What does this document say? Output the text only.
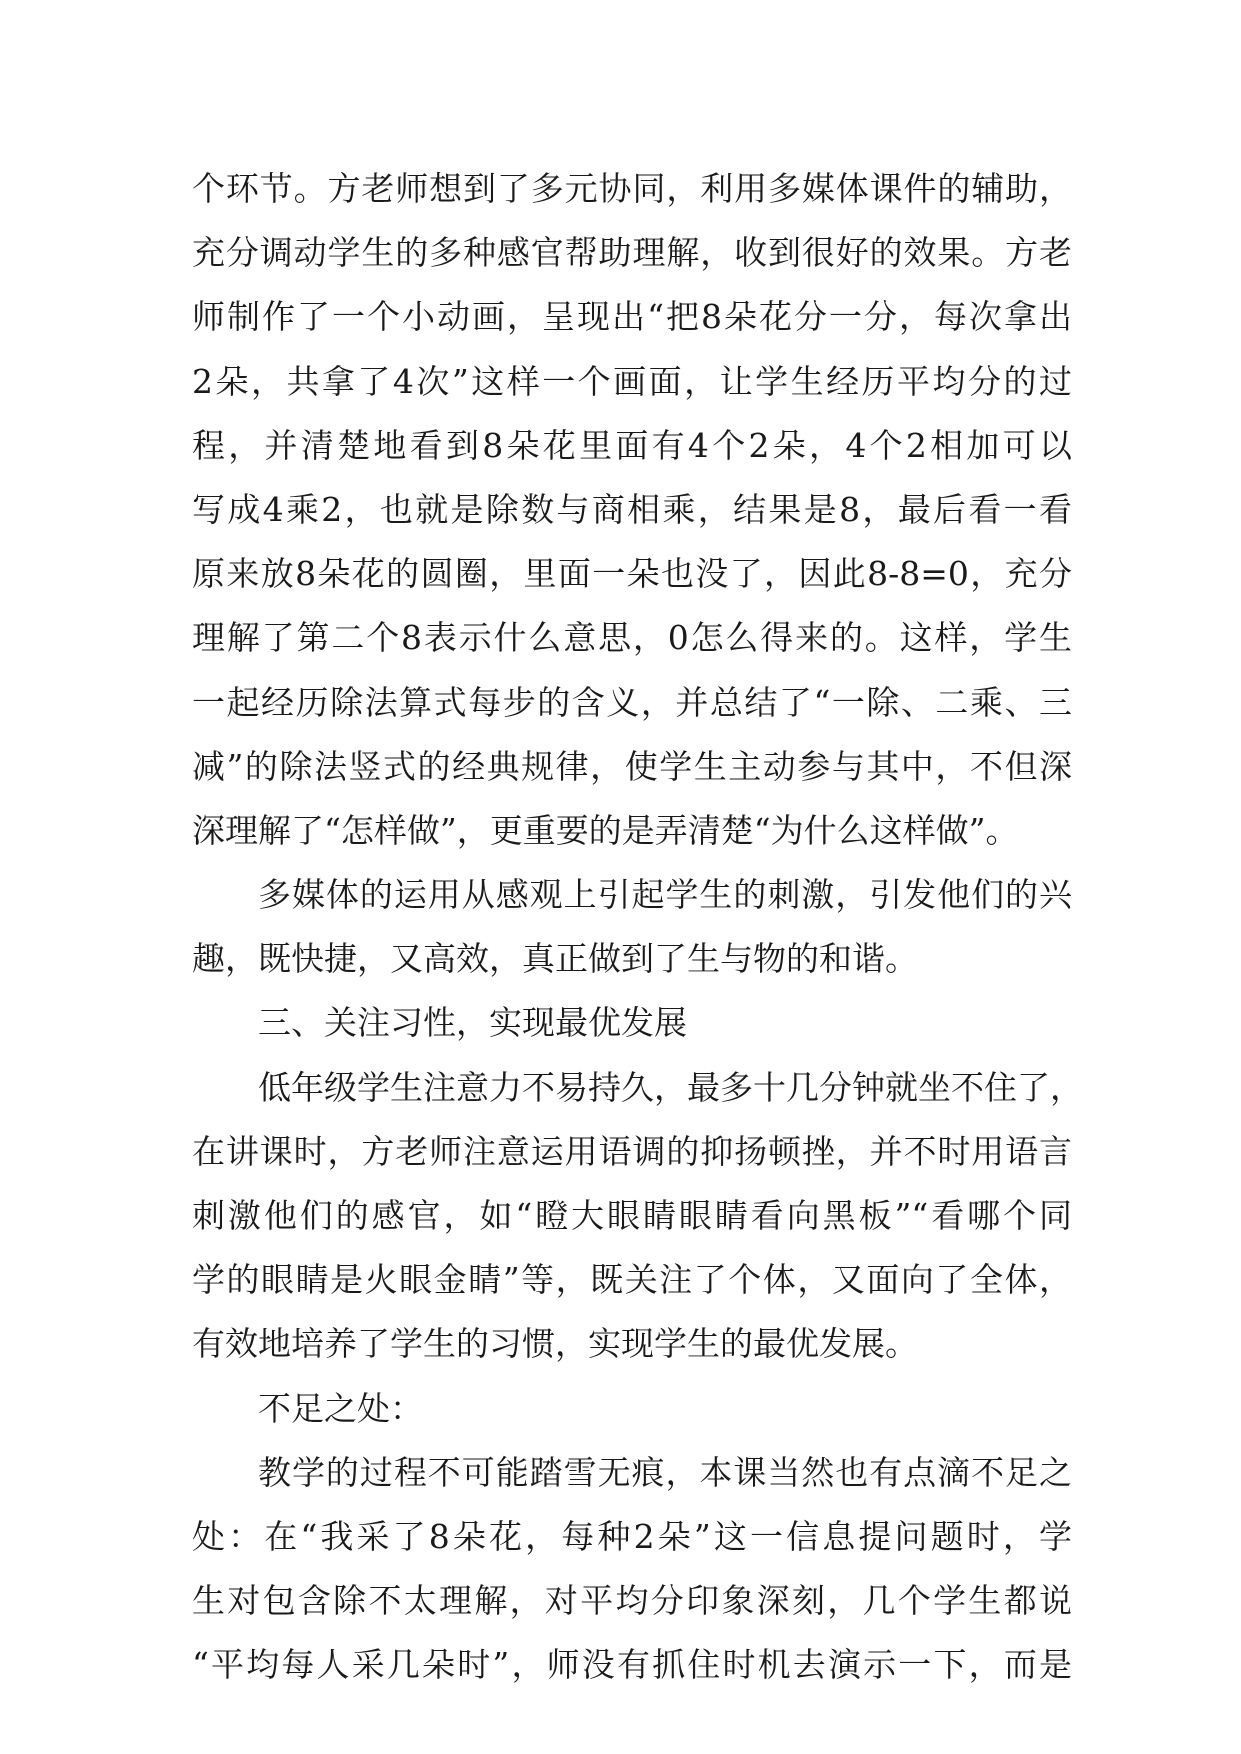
个环节。方老师想到了多元协同，利用多媒体课件的辅助，
充分调动学生的多种感官帮助理解，收到很好的效果。方老
师制作了一个小动画，呈现出“把8朵花分一分，每次拿出
2朵，共拿了4次”这样一个画面，让学生经历平均分的过
程，并清楚地看到8朵花里面有4个2朵，4个2相加可以
写成4乘2，也就是除数与商相乘，结果是8，最后看一看
原来放8朵花的圆圈，里面一朵也没了，因此8-8=0，充分
理解了第二个8表示什么意思，0怎么得来的。这样，学生
一起经历除法算式每步的含义，并总结了“一除、二乘、三
减”的除法竖式的经典规律，使学生主动参与其中，不但深
深理解了“怎样做”，更重要的是弄清楚“为什么这样做”。
多媒体的运用从感观上引起学生的刺激，引发他们的兴
趣，既快捷，又高效，真正做到了生与物的和谐。
三、关注习性，实现最优发展
低年级学生注意力不易持久，最多十几分钟就坐不住了，
在讲课时，方老师注意运用语调的抑扬顿挫，并不时用语言
刺激他们的感官，如“瞪大眼睛眼睛看向黑板”“看哪个同
学的眼睛是火眼金睛”等，既关注了个体，又面向了全体，
有效地培养了学生的习惯，实现学生的最优发展。
不足之处：
教学的过程不可能踏雪无痕，本课当然也有点滴不足之
处：在“我采了8朵花，每种2朵”这一信息提问题时，学
生对包含除不太理解，对平均分印象深刻，几个学生都说
“平均每人采几朵时”，师没有抓住时机去演示一下，而是
